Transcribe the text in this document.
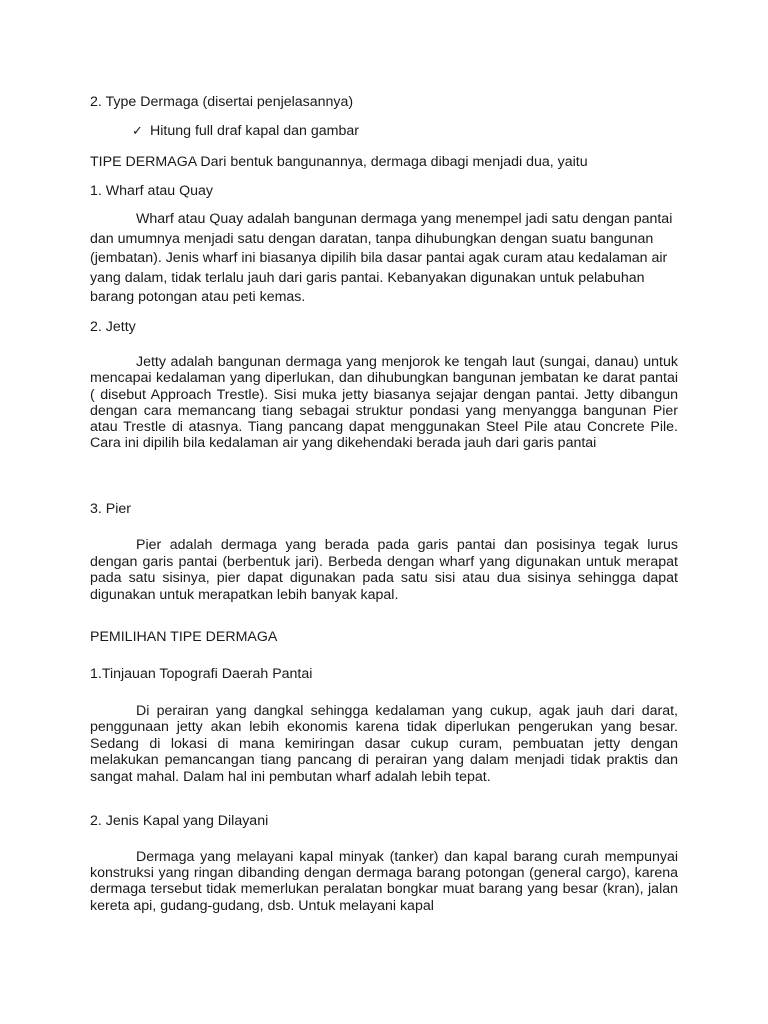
2. Type Dermaga (disertai penjelasannya)

✓ Hitung full draf kapal dan gambar

TIPE DERMAGA Dari bentuk bangunannya, dermaga dibagi menjadi dua, yaitu

1. Wharf atau Quay

Wharf atau Quay adalah bangunan dermaga yang menempel jadi satu dengan pantai dan umumnya menjadi satu dengan daratan, tanpa dihubungkan dengan suatu bangunan (jembatan). Jenis wharf ini biasanya dipilih bila dasar pantai agak curam atau kedalaman air yang dalam, tidak terlalu jauh dari garis pantai. Kebanyakan digunakan untuk pelabuhan barang potongan atau peti kemas.

2. Jetty

Jetty adalah bangunan dermaga yang menjorok ke tengah laut (sungai, danau) untuk mencapai kedalaman yang diperlukan, dan dihubungkan bangunan jembatan ke darat pantai ( disebut Approach Trestle). Sisi muka jetty biasanya sejajar dengan pantai. Jetty dibangun dengan cara memancang tiang sebagai struktur pondasi yang menyangga bangunan Pier atau Trestle di atasnya. Tiang pancang dapat menggunakan Steel Pile atau Concrete Pile. Cara ini dipilih bila kedalaman air yang dikehendaki berada jauh dari garis pantai

3. Pier

Pier adalah dermaga yang berada pada garis pantai dan posisinya tegak lurus dengan garis pantai (berbentuk jari). Berbeda dengan wharf yang digunakan untuk merapat pada satu sisinya, pier dapat digunakan pada satu sisi atau dua sisinya sehingga dapat digunakan untuk merapatkan lebih banyak kapal.

PEMILIHAN TIPE DERMAGA

1.Tinjauan Topografi Daerah Pantai

Di perairan yang dangkal sehingga kedalaman yang cukup, agak jauh dari darat, penggunaan jetty akan lebih ekonomis karena tidak diperlukan pengerukan yang besar. Sedang di lokasi di mana kemiringan dasar cukup curam, pembuatan jetty dengan melakukan pemancangan tiang pancang di perairan yang dalam menjadi tidak praktis dan sangat mahal. Dalam hal ini pembutan wharf adalah lebih tepat.

2. Jenis Kapal yang Dilayani

Dermaga yang melayani kapal minyak (tanker) dan kapal barang curah mempunyai konstruksi yang ringan dibanding dengan dermaga barang potongan (general cargo), karena dermaga tersebut tidak memerlukan peralatan bongkar muat barang yang besar (kran), jalan kereta api, gudang-gudang, dsb. Untuk melayani kapal
